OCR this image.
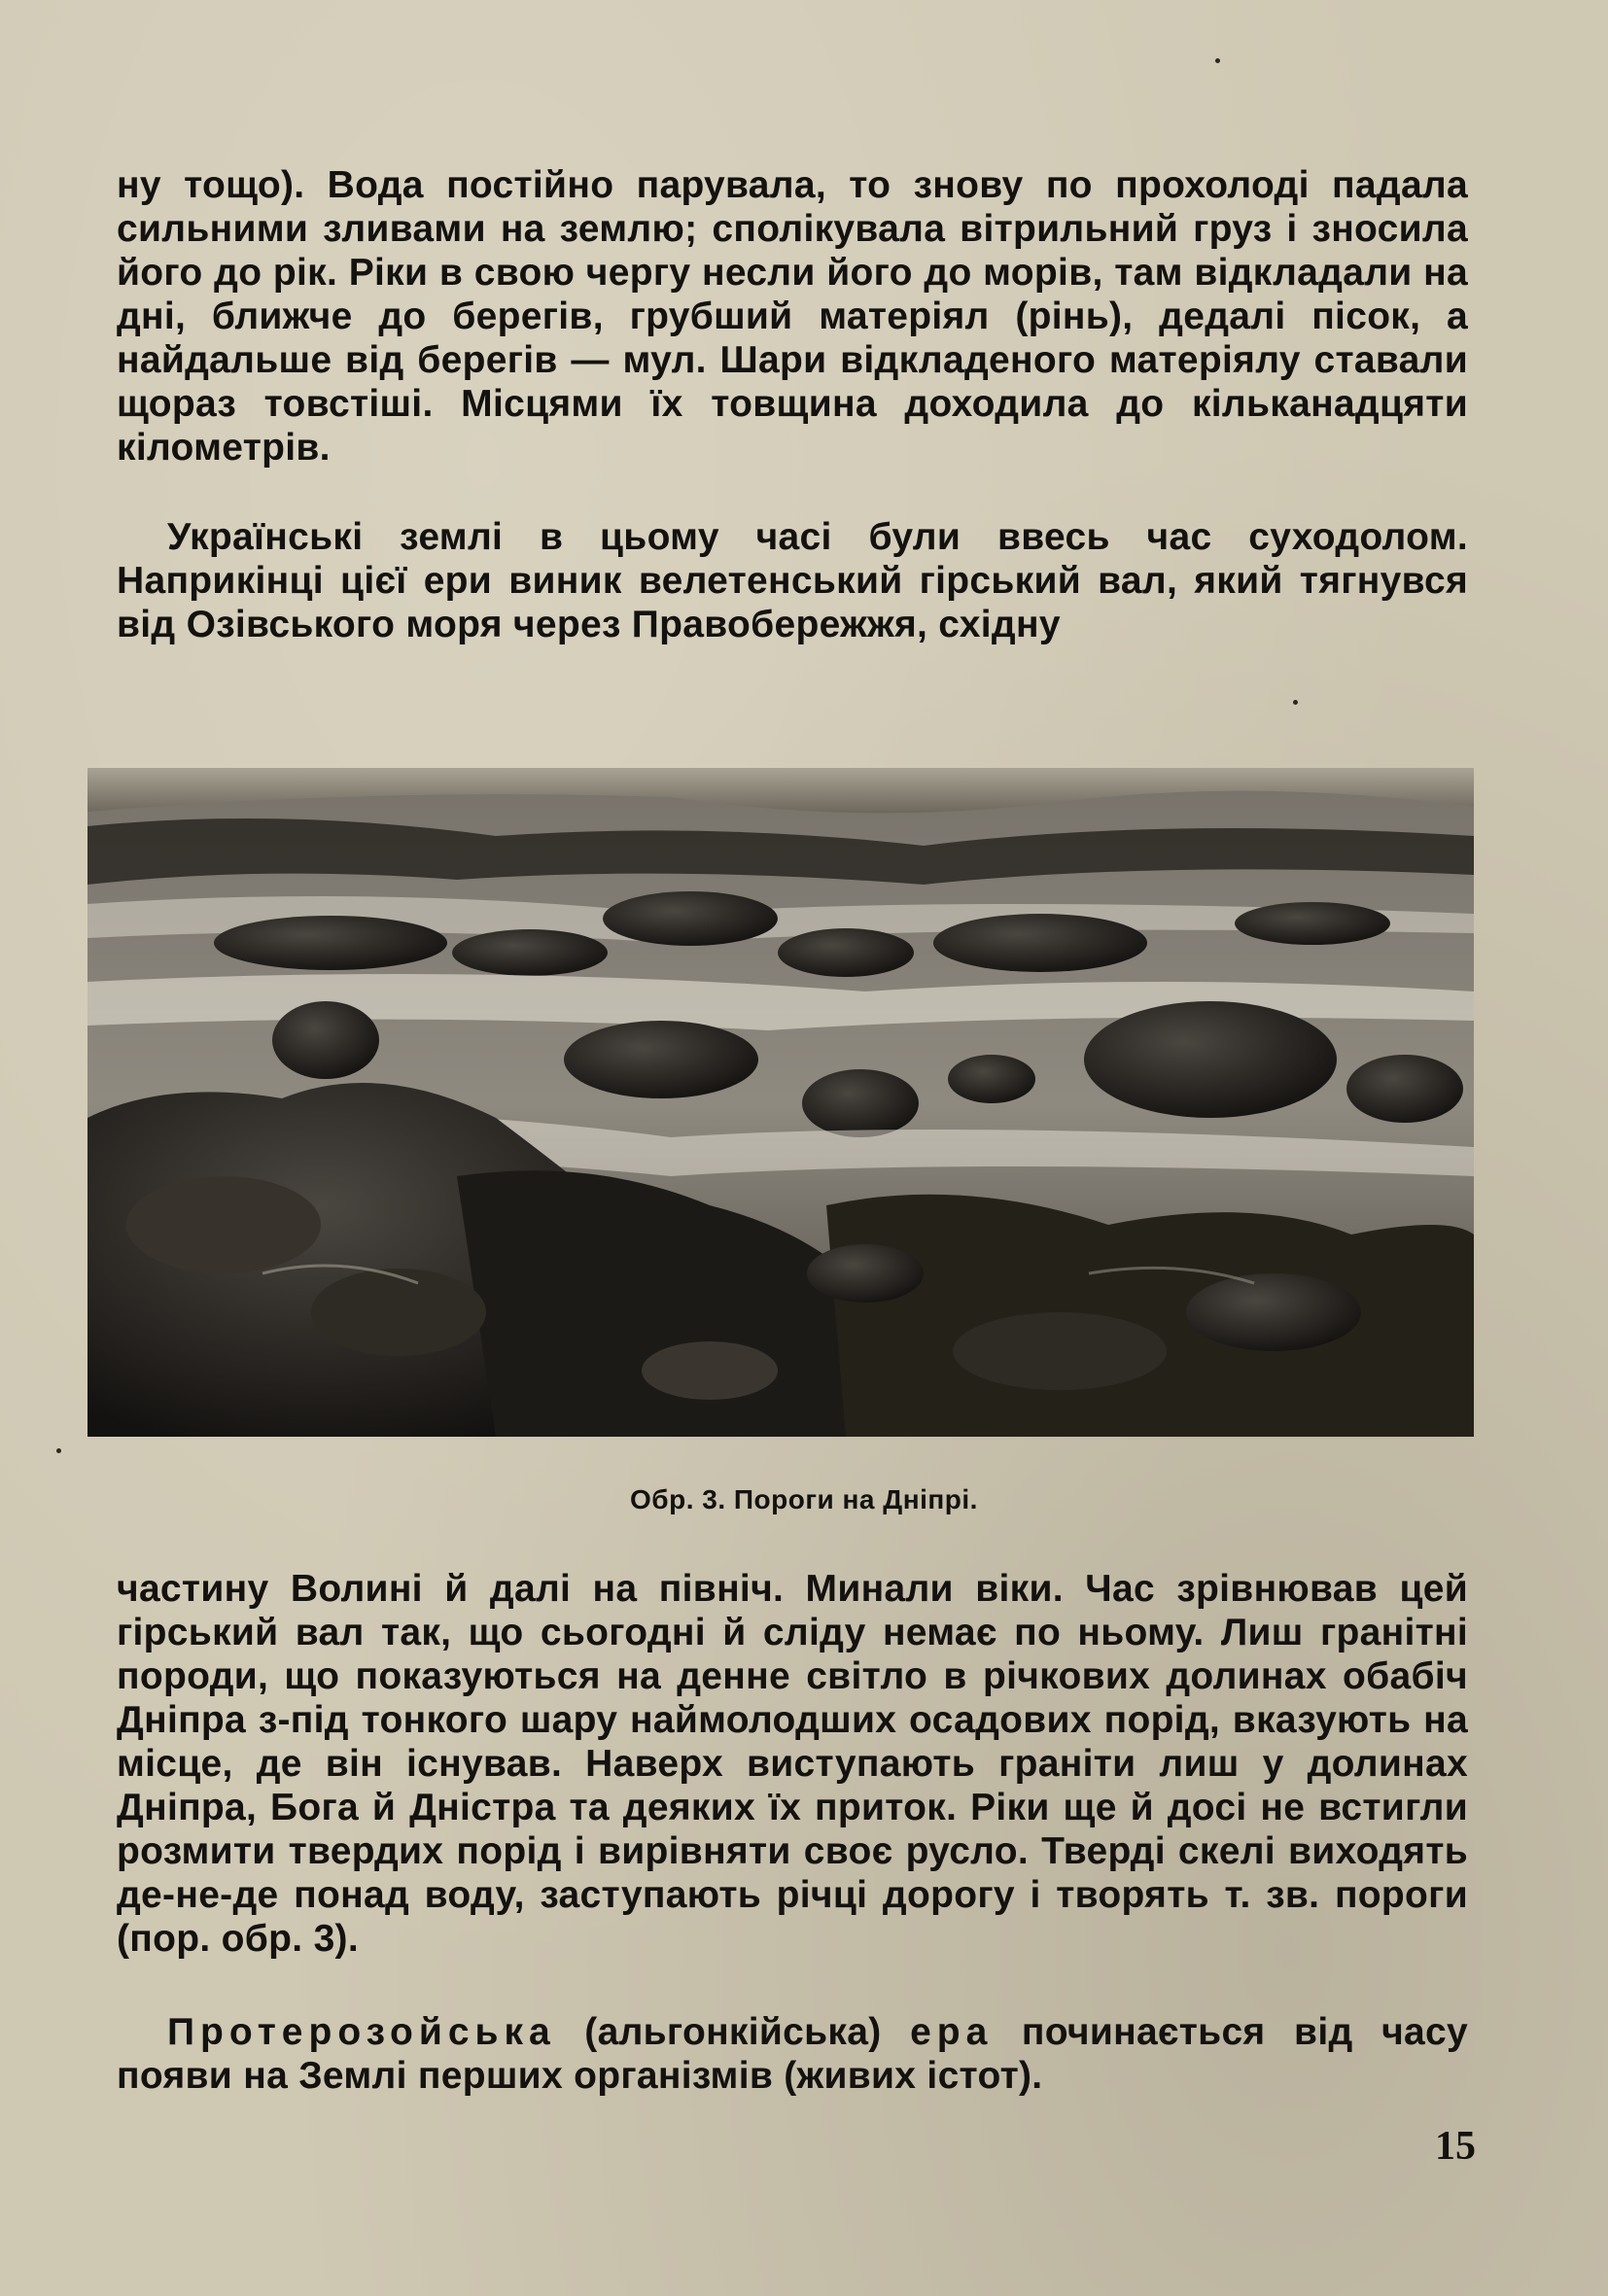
ну тощо). Вода постійно парувала, то знову по прохолоді падала сильними зливами на землю; сполікувала вітрильний груз і зносила його до рік. Ріки в свою чергу несли його до морів, там відкладали на дні, ближче до берегів, грубший матеріял (рінь), дедалі пісок, а найдальше від берегів — мул. Шари відкладеного матеріялу ставали щораз товстіші. Місцями їх товщина доходила до кільканадцяти кілометрів.

Українські землі в цьому часі були ввесь час суходолом. Наприкінці цієї ери виник велетенський гірський вал, який тягнувся від Озівського моря через Правобережжя, східну

Обр. 3. Пороги на Дніпрі.

частину Волині й далі на північ. Минали віки. Час зрівнював цей гірський вал так, що сьогодні й сліду немає по ньому. Лиш гранітні породи, що показуються на денне світло в річкових долинах обабіч Дніпра з-під тонкого шару наймолодших осадових порід, вказують на місце, де він існував. Наверх виступають граніти лиш у долинах Дніпра, Бога й Дністра та деяких їх приток. Ріки ще й досі не встигли розмити твердих порід і вирівняти своє русло. Тверді скелі виходять де-не-де понад воду, заступають річці дорогу і творять т. зв. пороги (пор. обр. 3).

Протерозойська (альгонкійська) ера починається від часу появи на Землі перших організмів (живих істот).

15
